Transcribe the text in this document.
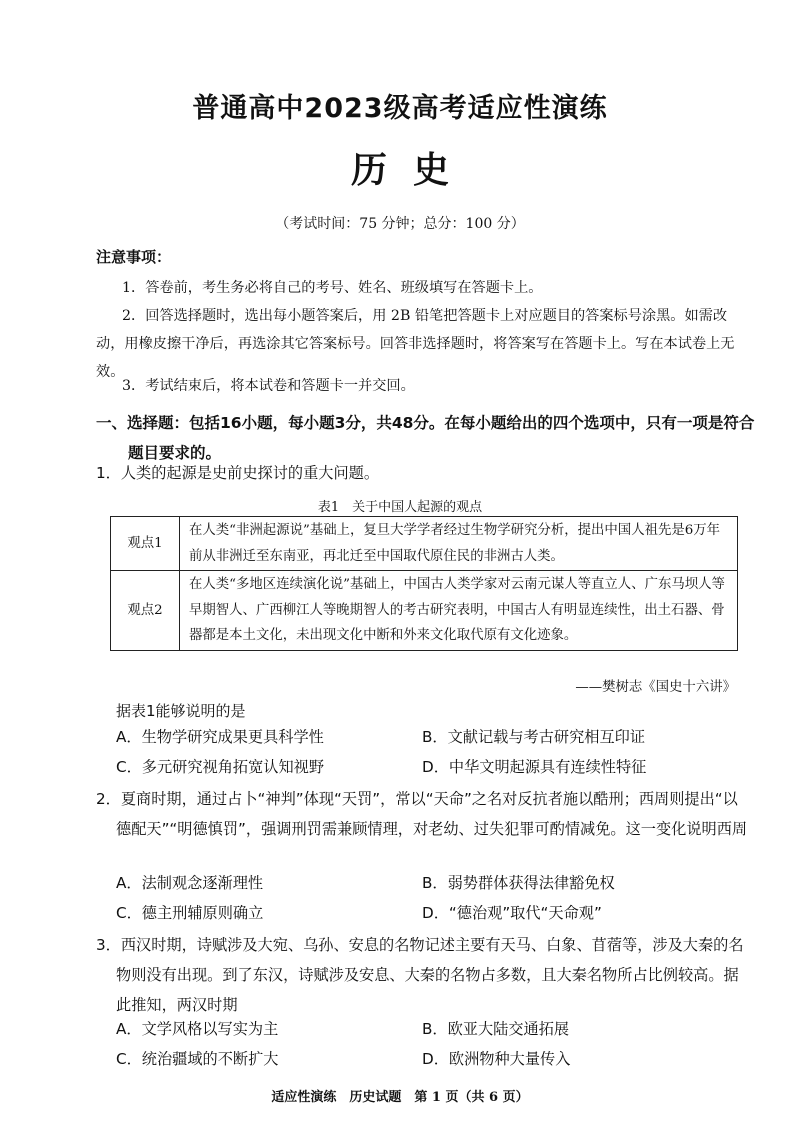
普通高中2023级高考适应性演练
历史
（考试时间：75 分钟；总分：100 分）
注意事项：
1．答卷前，考生务必将自己的考号、姓名、班级填写在答题卡上。
2．回答选择题时，选出每小题答案后，用 2B 铅笔把答题卡上对应题目的答案标号涂黑。如需改动，用橡皮擦干净后，再选涂其它答案标号。回答非选择题时，将答案写在答题卡上。写在本试卷上无效。
3．考试结束后，将本试卷和答题卡一并交回。
一、选择题：包括16小题，每小题3分，共48分。在每小题给出的四个选项中，只有一项是符合题目要求的。
1．人类的起源是史前史探讨的重大问题。
表1　关于中国人起源的观点
观点1	在人类“非洲起源说”基础上，复旦大学学者经过生物学研究分析，提出中国人祖先是6万年前从非洲迁至东南亚，再北迁至中国取代原住民的非洲古人类。
观点2	在人类“多地区连续演化说”基础上，中国古人类学家对云南元谋人等直立人、广东马坝人等早期智人、广西柳江人等晚期智人的考古研究表明，中国古人有明显连续性，出土石器、骨器都是本土文化，未出现文化中断和外来文化取代原有文化迹象。
——樊树志《国史十六讲》
据表1能够说明的是
A．生物学研究成果更具科学性	B．文献记载与考古研究相互印证
C．多元研究视角拓宽认知视野	D．中华文明起源具有连续性特征
2．夏商时期，通过占卜“神判”体现“天罚”，常以“天命”之名对反抗者施以酷刑；西周则提出“以德配天”“明德慎罚”，强调刑罚需兼顾情理，对老幼、过失犯罪可酌情减免。这一变化说明西周
A．法制观念逐渐理性	B．弱势群体获得法律豁免权
C．德主刑辅原则确立	D．“德治观”取代“天命观”
3．西汉时期，诗赋涉及大宛、乌孙、安息的名物记述主要有天马、白象、苜蓿等，涉及大秦的名物则没有出现。到了东汉，诗赋涉及安息、大秦的名物占多数，且大秦名物所占比例较高。据此推知，两汉时期
A．文学风格以写实为主	B．欧亚大陆交通拓展
C．统治疆域的不断扩大	D．欧洲物种大量传入
适应性演练　历史试题　第 1 页（共 6 页）
